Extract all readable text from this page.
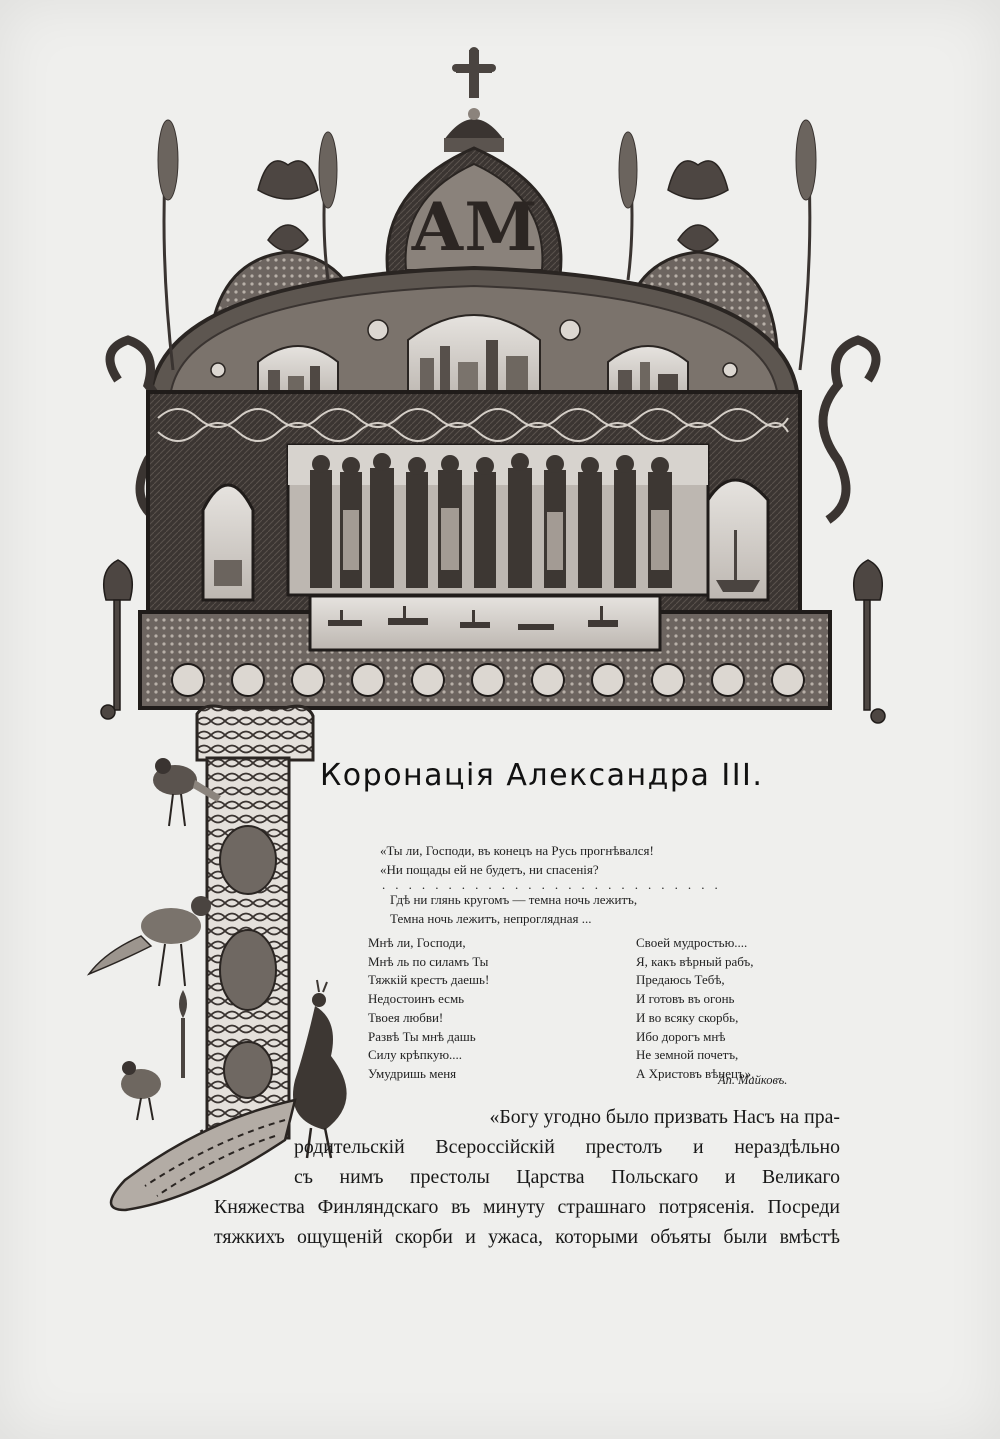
АМ
Коронація Александра III.
«Ты ли, Господи, въ конецъ на Русь прогнѣвался!
«Ни пощады ей не будетъ, ни спасенія?
. . . . . . . . . . . . . . . . . . . . . . . . . .
Гдѣ ни глянь кругомъ — темна ночь лежитъ,
Темна ночь лежитъ, непроглядная ...
Мнѣ ли, Господи,
Мнѣ ль по силамъ Ты
Тяжкій крестъ даешь!
Недостоинъ есмь
Твоея любви!
Развѣ Ты мнѣ дашь
Силу крѣпкую....
Умудришь меня
Своей мудростью....
Я, какъ вѣрный рабъ,
Предаюсь Тебѣ,
И готовъ въ огонь
И во всяку скорбь,
Ибо дорогъ мнѣ
Не земной почетъ,
А Христовъ вѣнецъ».
Ап. Майковъ.
«Богу угодно было призвать Насъ на пра-
родительскій Всероссійскій престолъ и нераздѣльно
съ нимъ престолы Царства Польскаго и Великаго
Княжества Финляндскаго въ минуту страшнаго потрясенія. Посреди
тяжкихъ ощущеній скорби и ужаса, которыми объяты были вмѣстѣ
